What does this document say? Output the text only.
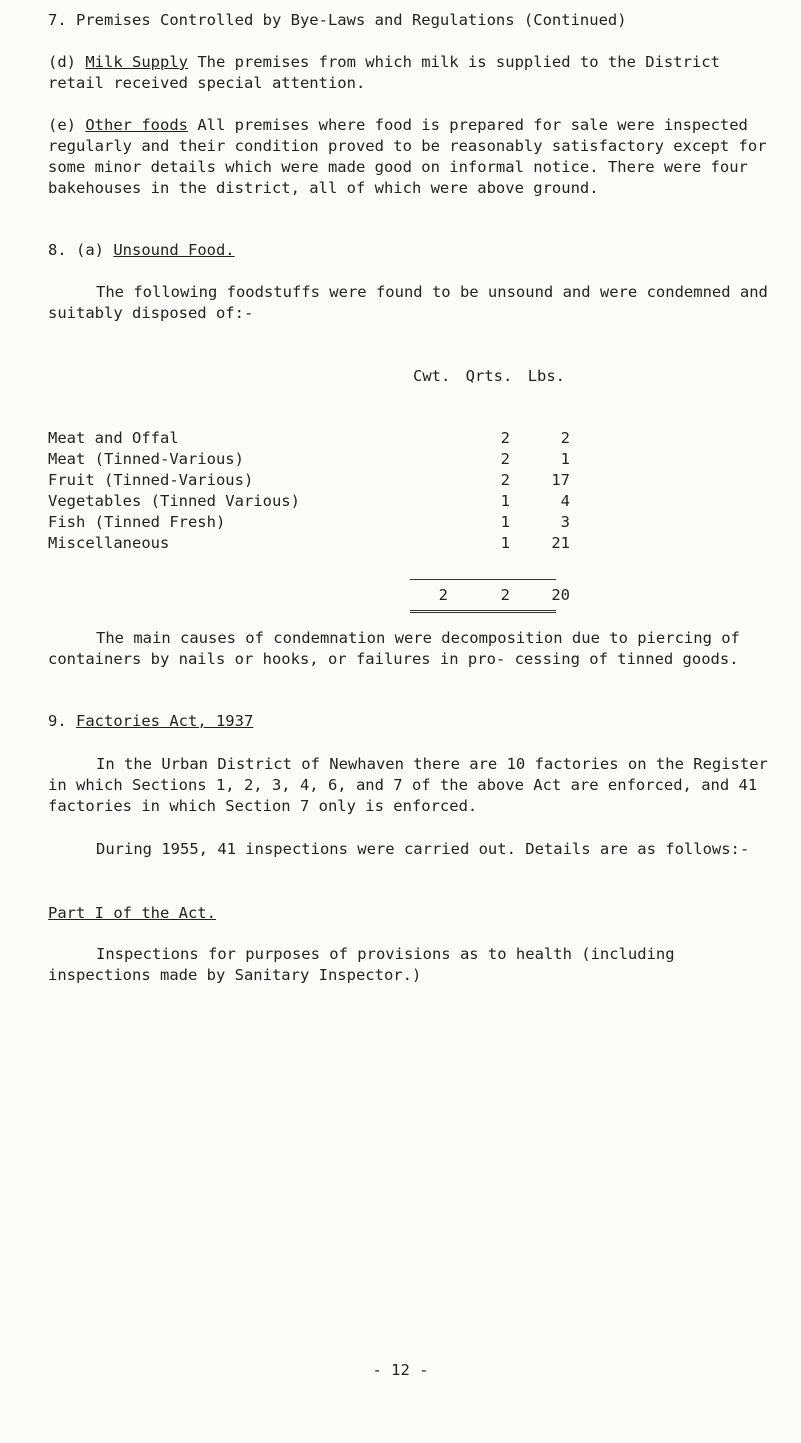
7. Premises Controlled by Bye-Laws and Regulations (Continued)

(d) Milk Supply The premises from which milk is supplied to the District retail received special attention.

(e) Other foods All premises where food is prepared for sale were inspected regularly and their condition proved to be reasonably satisfactory except for some minor details which were made good on informal notice. There were four bakehouses in the district, all of which were above ground.

8. (a) Unsound Food.

The following foodstuffs were found to be unsound and were condemned and suitably disposed of:-

Cwt. Qrts. Lbs.
Meat and Offal		2	2
Meat (Tinned-Various)		2	1
Fruit (Tinned-Various)		2	17
Vegetables (Tinned Various)		1	4
Fish (Tinned Fresh)		1	3
Miscellaneous		1	21
	2	2	20

The main causes of condemnation were decomposition due to piercing of containers by nails or hooks, or failures in pro- cessing of tinned goods.

9. Factories Act, 1937

In the Urban District of Newhaven there are 10 factories on the Register in which Sections 1, 2, 3, 4, 6, and 7 of the above Act are enforced, and 41 factories in which Section 7 only is enforced.

During 1955, 41 inspections were carried out. Details are as follows:-

Part I of the Act.

Inspections for purposes of provisions as to health (including inspections made by Sanitary Inspector.)

- 12 -
